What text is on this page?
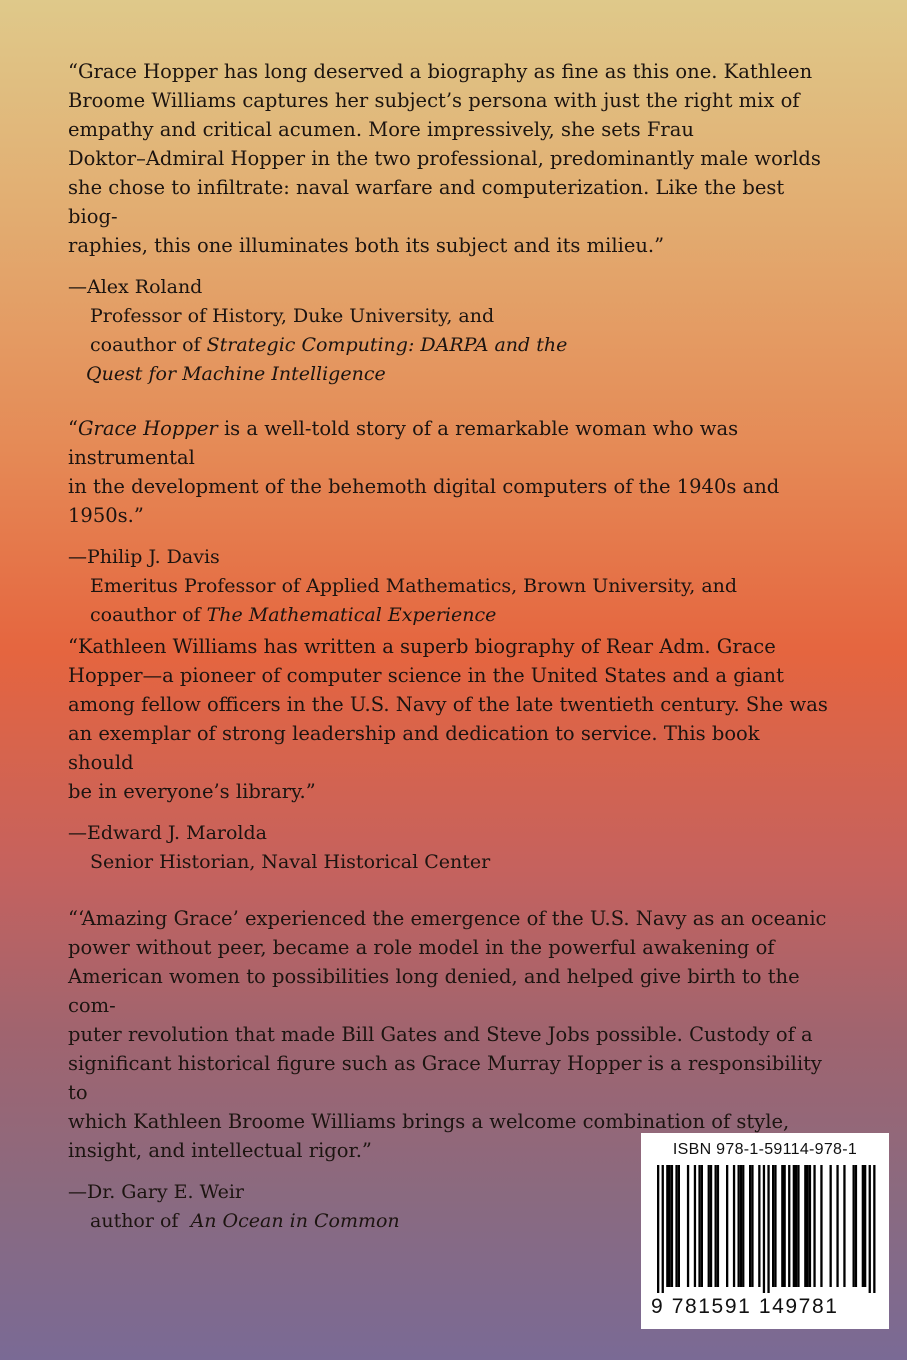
“Grace Hopper has long deserved a biography as fine as this one. Kathleen
Broome Williams captures her subject’s persona with just the right mix of
empathy and critical acumen. More impressively, she sets Frau
Doktor–Admiral Hopper in the two professional, predominantly male worlds
she chose to infiltrate: naval warfare and computerization. Like the best biog-
raphies, this one illuminates both its subject and its milieu.”

—Alex Roland

Professor of History, Duke University, and

coauthor of Strategic Computing: DARPA and the

Quest for Machine Intelligence

“Grace Hopper is a well-told story of a remarkable woman who was instrumental
in the development of the behemoth digital computers of the 1940s and 1950s.”

—Philip J. Davis

Emeritus Professor of Applied Mathematics, Brown University, and

coauthor of The Mathematical Experience

“Kathleen Williams has written a superb biography of Rear Adm. Grace
Hopper—a pioneer of computer science in the United States and a giant
among fellow officers in the U.S. Navy of the late twentieth century. She was
an exemplar of strong leadership and dedication to service. This book should
be in everyone’s library.”

—Edward J. Marolda

Senior Historian, Naval Historical Center

“‘Amazing Grace’ experienced the emergence of the U.S. Navy as an oceanic
power without peer, became a role model in the powerful awakening of
American women to possibilities long denied, and helped give birth to the com-
puter revolution that made Bill Gates and Steve Jobs possible. Custody of a
significant historical figure such as Grace Murray Hopper is a responsibility to
which Kathleen Broome Williams brings a welcome combination of style,
insight, and intellectual rigor.”

—Dr. Gary E. Weir

author of  An Ocean in Common

ISBN 978-1-59114-978-1
9 781591 149781
